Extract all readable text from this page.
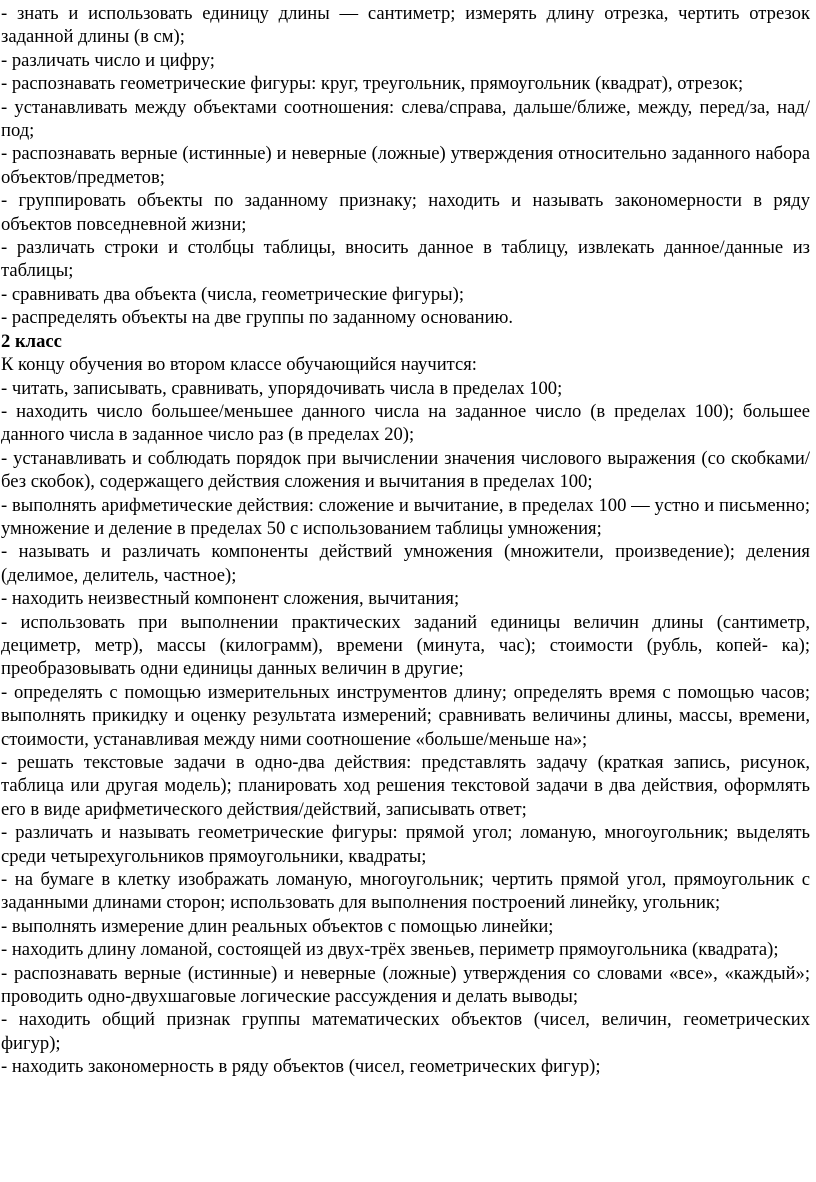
- знать и использовать единицу длины — сантиметр; измерять длину отрезка, чертить отрезок заданной длины (в см);

- различать число и цифру;

- распознавать геометрические фигуры: круг, треугольник, прямоугольник (квадрат), отрезок;

- устанавливать между объектами соотношения: слева/справа, дальше/ближе, между, перед/за, над/под;

- распознавать верные (истинные) и неверные (ложные) утверждения относительно заданного набора объектов/предметов;

- группировать объекты по заданному признаку; находить и называть закономерности в ряду объектов повседневной жизни;

- различать строки и столбцы таблицы, вносить данное в таблицу, извлекать данное/данные из таблицы;

- сравнивать два объекта (числа, геометрические фигуры);

- распределять объекты на две группы по заданному основанию.

2 класс

К концу обучения во втором классе обучающийся научится:

- читать, записывать, сравнивать, упорядочивать числа в пределах 100;

- находить число большее/меньшее данного числа на заданное число (в пределах 100); большее данного числа в заданное число раз (в пределах 20);

- устанавливать и соблюдать порядок при вычислении значения числового выражения (со скобками/без скобок), содержащего действия сложения и вычитания в пределах 100;

- выполнять арифметические действия: сложение и вычитание, в пределах 100 — устно и письменно; умножение и деление в пределах 50 с использованием таблицы умножения;

- называть и различать компоненты действий умножения (множители, произведение); деления (делимое, делитель, частное);

- находить неизвестный компонент сложения, вычитания;

- использовать при выполнении практических заданий единицы величин длины (сантиметр, дециметр, метр), массы (килограмм), времени (минута, час); стоимости (рубль, копей- ка); преобразовывать одни единицы данных величин в другие;

- определять с помощью измерительных инструментов длину; определять время с помощью часов; выполнять прикидку и оценку результата измерений; сравнивать величины длины, массы, времени, стоимости, устанавливая между ними соотношение «больше/меньше на»;

- решать текстовые задачи в одно-два действия: представлять задачу (краткая запись, рисунок, таблица или другая модель); планировать ход решения текстовой задачи в два действия, оформлять его в виде арифметического действия/действий, записывать ответ;

- различать и называть геометрические фигуры: прямой угол; ломаную, многоугольник; выделять среди четырехугольников прямоугольники, квадраты;

- на бумаге в клетку изображать ломаную, многоугольник; чертить прямой угол, прямоугольник с заданными длинами сторон; использовать для выполнения построений линейку, угольник;

- выполнять измерение длин реальных объектов с помощью линейки;

- находить длину ломаной, состоящей из двух-трёх звеньев, периметр прямоугольника (квадрата);

- распознавать верные (истинные) и неверные (ложные) утверждения со словами «все», «каждый»; проводить одно-двухшаговые логические рассуждения и делать выводы;

- находить общий признак группы математических объектов (чисел, величин, геометрических фигур);

- находить закономерность в ряду объектов (чисел, геометрических фигур);
